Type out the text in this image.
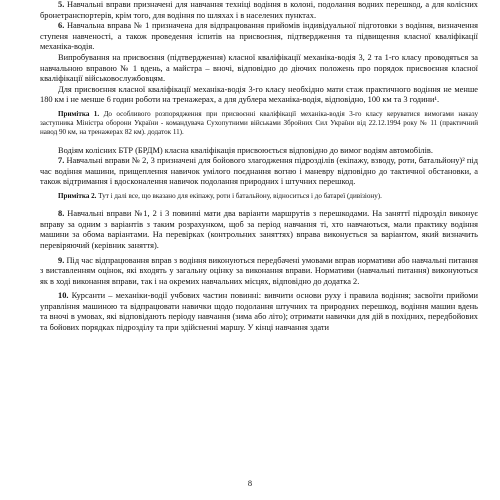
5. Навчальні вправи призначені для навчання техніці водіння в колоні, подолання водних перешкод, а для колісних бронетранспортерів, крім того, для водіння по шляхах і в населених пунктах.

6. Навчальна вправа № 1 призначена для відпрацювання прийомів індивідуальної підготовки з водіння, визначення ступеня навченості, а також проведення іспитів на присвоєння, підтвердження та підвищення класної кваліфікації механіка-водія.

Випробування на присвоєння (підтвердження) класної кваліфікації механіка-водія 3, 2 та 1-го класу проводяться за навчальною вправою № 1 вдень, а майстра – вночі, відповідно до діючих положень про порядок присвоєння класної кваліфікації військовослужбовцям.

Для присвоєння класної кваліфікації механіка-водія 3-го класу необхідно мати стаж практичного водіння не менше 180 км і не менше 6 годин роботи на тренажерах, а для дублера механіка-водія, відповідно, 100 км та 3 години¹.

Примітка 1. До особливого розпорядження при присвоєнні кваліфікації механіка-водія 3-го класу керуватися вимогами наказу заступника Міністра оборони України - командувача Сухопутними військами Збройних Сил України від 22.12.1994 року № 11 (практичний навод 90 км, на тренажерах 82 км). додаток 11).

Водіям колісних БТР (БРДМ) класна кваліфікація присвоюється відповідно до вимог водіям автомобілів.

7. Навчальні вправи № 2, 3 призначені для бойового злагодження підрозділів (екіпажу, взводу, роти, батальйону)² під час водіння машини, прищеплення навичок умілого поєднання вогню і маневру відповідно до тактичної обстановки, а також відтримання і вдосконалення навичок подолання природних і штучних перешкод.

Примітка 2. Тут і далі все, що вказано для екіпажу, роти і батальйону, відноситься і до батареї (дивізіону).

8. Навчальні вправи №1, 2 і 3 повинні мати два варіанти маршрутів з перешкодами. На заняттї підрозділ виконує вправу за одним з варіантів з таким розрахунком, щоб за період навчання ті, хто навчаються, мали практику водіння машини за обома варіантами. На перевірках (контрольних заняттях) вправа виконується за варіантом, який визначить перевіряючий (керівник заняття).

9. Під час відпрацювання вправ з водіння виконуються передбачені умовами вправ нормативи або навчальні питання з виставленням оцінок, які входять у загальну оцінку за виконання вправи. Нормативи (навчальні питання) виконуються як в ході виконання вправи, так і на окремих навчальних місцях, відповідно до додатка 2.

10. Курсанти – механіки-водії учбових частин повинні: вивчити основи руху і правила водіння; засвоїти прийоми управління машиною та відпрацювати навички щодо подолання штучних та природних перешкод, водіння машин вдень та вночі в умовах, які відповідають періоду навчання (зима або літо); отримати навички для дій в похідних, передбойових та бойових порядках підрозділу та при здійсненні маршу. У кінці навчання здати

8
